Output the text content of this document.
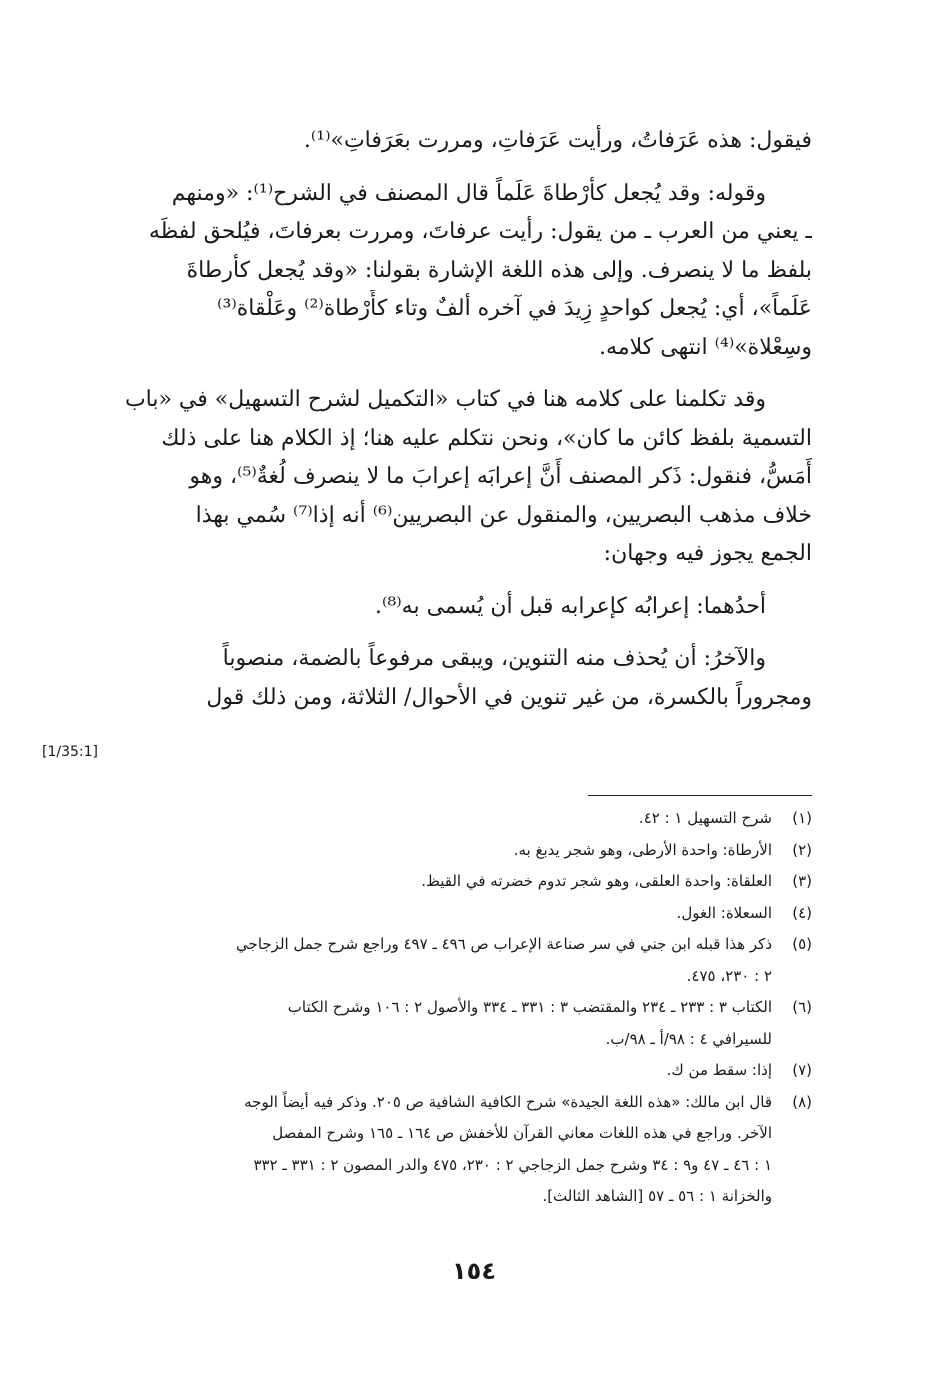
فيقول: هذه عَرَفاتُ، ورأيت عَرَفاتِ، ومررت بعَرَفاتِ»⁽¹⁾.
وقوله: وقد يُجعل كأرْطاةَ عَلَماً قال المصنف في الشرح⁽¹⁾: «ومنهم
ـ يعني من العرب ـ من يقول: رأيت عرفاتَ، ومررت بعرفاتَ، فيُلحق لفظَه
بلفظ ما لا ينصرف. وإلى هذه اللغة الإشارة بقولنا: «وقد يُجعل كأرطاةَ
عَلَماً»، أي: يُجعل كواحدٍ زِيدَ في آخره ألفٌ وتاء كأَرْطاة⁽²⁾ وعَلْقاة⁽³⁾
وسِعْلاة»⁽⁴⁾ انتهى كلامه.
وقد تكلمنا على كلامه هنا في كتاب «التكميل لشرح التسهيل» في «باب
التسمية بلفظ كائن ما كان»، ونحن نتكلم عليه هنا؛ إذ الكلام هنا على ذلك
أَمَسُّ، فنقول: ذَكر المصنف أَنَّ إعرابَه إعرابَ ما لا ينصرف لُغةٌ⁽⁵⁾، وهو
خلاف مذهب البصريين، والمنقول عن البصريين⁽⁶⁾ أنه إذا⁽⁷⁾ سُمي بهذا
الجمع يجوز فيه وجهان:
أحدُهما: إعرابُه كإعرابه قبل أن يُسمى به⁽⁸⁾.
والآخرُ: أن يُحذف منه التنوين، ويبقى مرفوعاً بالضمة، منصوباً
ومجروراً بالكسرة، من غير تنوين في الأحوال/ الثلاثة، ومن ذلك قول
[1/35:1]
(١)
شرح التسهيل ١ : ٤٢.
(٢)
الأرطاة: واحدة الأرطى، وهو شجر يدبغ به.
(٣)
العلقاة: واحدة العلقى، وهو شجر تدوم خضرته في القيظ.
(٤)
السعلاة: الغول.
(٥)
ذكر هذا قبله ابن جني في سر صناعة الإعراب ص ٤٩٦ ـ ٤٩٧ وراجع شرح جمل الزجاجي
٢ : ٢٣٠، ٤٧٥.
(٦)
الكتاب ٣ : ٢٣٣ ـ ٢٣٤ والمقتضب ٣ : ٣٣١ ـ ٣٣٤ والأصول ٢ : ١٠٦ وشرح الكتاب
للسيرافي ٤ : ٩٨/أ ـ ٩٨/ب.
(٧)
إذا: سقط من ك.
(٨)
قال ابن مالك: «هذه اللغة الجيدة» شرح الكافية الشافية ص ٢٠٥. وذكر فيه أيضاً الوجه
الآخر. وراجع في هذه اللغات معاني القرآن للأخفش ص ١٦٤ ـ ١٦٥ وشرح المفصل
١ : ٤٦ ـ ٤٧ و٩ : ٣٤ وشرح جمل الزجاجي ٢ : ٢٣٠، ٤٧٥ والدر المصون ٢ : ٣٣١ ـ ٣٣٢
والخزانة ١ : ٥٦ ـ ٥٧ [الشاهد الثالث].
١٥٤
